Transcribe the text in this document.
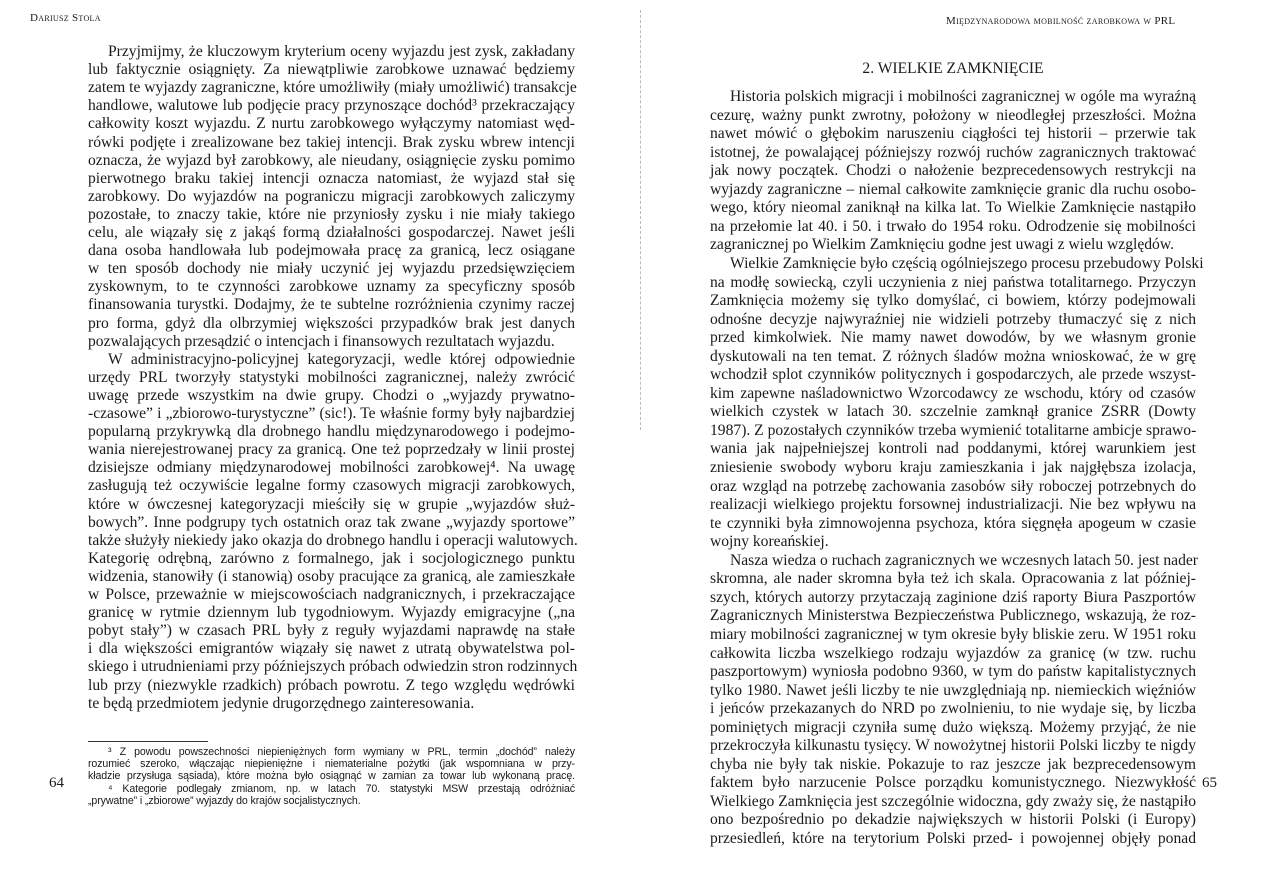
Dariusz Stola	Międzynarodowa mobilność zarobkowa w PRL
Przyjmijmy, że kluczowym kryterium oceny wyjazdu jest zysk, zakładany
lub faktycznie osiągnięty. Za niewątpliwie zarobkowe uznawać będziemy
zatem te wyjazdy zagraniczne, które umożliwiły (miały umożliwić) transakcje
handlowe, walutowe lub podjęcie pracy przynoszące dochód³ przekraczający
całkowity koszt wyjazdu. Z nurtu zarobkowego wyłączymy natomiast węd-
rówki podjęte i zrealizowane bez takiej intencji. Brak zysku wbrew intencji
oznacza, że wyjazd był zarobkowy, ale nieudany, osiągnięcie zysku pomimo
pierwotnego braku takiej intencji oznacza natomiast, że wyjazd stał się
zarobkowy. Do wyjazdów na pograniczu migracji zarobkowych zaliczymy
pozostałe, to znaczy takie, które nie przyniosły zysku i nie miały takiego
celu, ale wiązały się z jakąś formą działalności gospodarczej. Nawet jeśli
dana osoba handlowała lub podejmowała pracę za granicą, lecz osiągane
w ten sposób dochody nie miały uczynić jej wyjazdu przedsięwzięciem
zyskownym, to te czynności zarobkowe uznamy za specyficzny sposób
finansowania turystki. Dodajmy, że te subtelne rozróżnienia czynimy raczej
pro forma, gdyż dla olbrzymiej większości przypadków brak jest danych
pozwalających przesądzić o intencjach i finansowych rezultatach wyjazdu.
W administracyjno-policyjnej kategoryzacji, wedle której odpowiednie
urzędy PRL tworzyły statystyki mobilności zagranicznej, należy zwrócić
uwagę przede wszystkim na dwie grupy. Chodzi o „wyjazdy prywatno-
-czasowe” i „zbiorowo-turystyczne” (sic!). Te właśnie formy były najbardziej
popularną przykrywką dla drobnego handlu międzynarodowego i podejmo-
wania nierejestrowanej pracy za granicą. One też poprzedzały w linii prostej
dzisiejsze odmiany międzynarodowej mobilności zarobkowej⁴. Na uwagę
zasługują też oczywiście legalne formy czasowych migracji zarobkowych,
które w ówczesnej kategoryzacji mieściły się w grupie „wyjazdów służ-
bowych”. Inne podgrupy tych ostatnich oraz tak zwane „wyjazdy sportowe”
także służyły niekiedy jako okazja do drobnego handlu i operacji walutowych.
Kategorię odrębną, zarówno z formalnego, jak i socjologicznego punktu
widzenia, stanowiły (i stanowią) osoby pracujące za granicą, ale zamieszkałe
w Polsce, przeważnie w miejscowościach nadgranicznych, i przekraczające
granicę w rytmie dziennym lub tygodniowym. Wyjazdy emigracyjne („na
pobyt stały”) w czasach PRL były z reguły wyjazdami naprawdę na stałe
i dla większości emigrantów wiązały się nawet z utratą obywatelstwa pol-
skiego i utrudnieniami przy późniejszych próbach odwiedzin stron rodzinnych
lub przy (niezwykle rzadkich) próbach powrotu. Z tego względu wędrówki
te będą przedmiotem jedynie drugorzędnego zainteresowania.
³ Z powodu powszechności niepieniężnych form wymiany w PRL, termin „dochód” należy
rozumieć szeroko, włączając niepieniężne i niematerialne pożytki (jak wspomniana w przy-
kładzie przysługa sąsiada), które można było osiągnąć w zamian za towar lub wykonaną pracę.
⁴ Kategorie podlegały zmianom, np. w latach 70. statystyki MSW przestają odróżniać
„prywatne” i „zbiorowe” wyjazdy do krajów socjalistycznych.
64
2. WIELKIE ZAMKNIĘCIE
Historia polskich migracji i mobilności zagranicznej w ogóle ma wyraźną
cezurę, ważny punkt zwrotny, położony w nieodległej przeszłości. Można
nawet mówić o głębokim naruszeniu ciągłości tej historii – przerwie tak
istotnej, że powalającej późniejszy rozwój ruchów zagranicznych traktować
jak nowy początek. Chodzi o nałożenie bezprecedensowych restrykcji na
wyjazdy zagraniczne – niemal całkowite zamknięcie granic dla ruchu osobo-
wego, który nieomal zaniknął na kilka lat. To Wielkie Zamknięcie nastąpiło
na przełomie lat 40. i 50. i trwało do 1954 roku. Odrodzenie się mobilności
zagranicznej po Wielkim Zamknięciu godne jest uwagi z wielu względów.
Wielkie Zamknięcie było częścią ogólniejszego procesu przebudowy Polski
na modłę sowiecką, czyli uczynienia z niej państwa totalitarnego. Przyczyn
Zamknięcia możemy się tylko domyślać, ci bowiem, którzy podejmowali
odnośne decyzje najwyraźniej nie widzieli potrzeby tłumaczyć się z nich
przed kimkolwiek. Nie mamy nawet dowodów, by we własnym gronie
dyskutowali na ten temat. Z różnych śladów można wnioskować, że w grę
wchodził splot czynników politycznych i gospodarczych, ale przede wszyst-
kim zapewne naśladownictwo Wzorcodawcy ze wschodu, który od czasów
wielkich czystek w latach 30. szczelnie zamknął granice ZSRR (Dowty
1987). Z pozostałych czynników trzeba wymienić totalitarne ambicje sprawo-
wania jak najpełniejszej kontroli nad poddanymi, której warunkiem jest
zniesienie swobody wyboru kraju zamieszkania i jak najgłębsza izolacja,
oraz wzgląd na potrzebę zachowania zasobów siły roboczej potrzebnych do
realizacji wielkiego projektu forsownej industrializacji. Nie bez wpływu na
te czynniki była zimnowojenna psychoza, która sięgnęła apogeum w czasie
wojny koreańskiej.
Nasza wiedza o ruchach zagranicznych we wczesnych latach 50. jest nader
skromna, ale nader skromna była też ich skala. Opracowania z lat później-
szych, których autorzy przytaczają zaginione dziś raporty Biura Paszportów
Zagranicznych Ministerstwa Bezpieczeństwa Publicznego, wskazują, że roz-
miary mobilności zagranicznej w tym okresie były bliskie zeru. W 1951 roku
całkowita liczba wszelkiego rodzaju wyjazdów za granicę (w tzw. ruchu
paszportowym) wyniosła podobno 9360, w tym do państw kapitalistycznych
tylko 1980. Nawet jeśli liczby te nie uwzględniają np. niemieckich więźniów
i jeńców przekazanych do NRD po zwolnieniu, to nie wydaje się, by liczba
pominiętych migracji czyniła sumę dużo większą. Możemy przyjąć, że nie
przekroczyła kilkunastu tysięcy. W nowożytnej historii Polski liczby te nigdy
chyba nie były tak niskie. Pokazuje to raz jeszcze jak bezprecedensowym
faktem było narzucenie Polsce porządku komunistycznego. Niezwykłość
Wielkiego Zamknięcia jest szczególnie widoczna, gdy zważy się, że nastąpiło
ono bezpośrednio po dekadzie największych w historii Polski (i Europy)
przesiedleń, które na terytorium Polski przed- i powojennej objęły ponad
65
